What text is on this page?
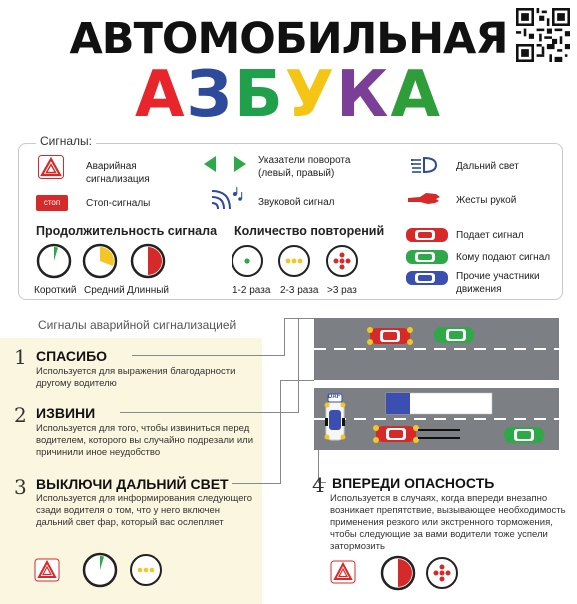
АВТОМОБИЛЬНАЯ
АЗБУКА
Сигналы:
Аварийная сигнализация
стоп	Стоп-сигналы
Указатели поворота (левый, правый)
Звуковой сигнал
Дальний свет
Жесты рукой
Продолжительность сигнала
Короткий Средний Длинный
Количество повторений
1-2 раза 2-3 раза >3 раз
Подает сигнал
Кому подают сигнал
Прочие участники движения
Сигналы аварийной сигнализацией
1 СПАСИБО
Используется для выражения благодарности другому водителю
2 ИЗВИНИ
Используется для того, чтобы извиниться перед водителем, которого вы случайно подрезали или причинили иное неудобство
3 ВЫКЛЮЧИ ДАЛЬНИЙ СВЕТ
Используется для информирования следующего сзади водителя о том, что у него включен дальний свет фар, который вас ослепляет
4 ВПЕРЕДИ ОПАСНОСТЬ
Используется в случаях, когда впереди внезапно возникает препятствие, вызывающее необходимость применения резкого или экстренного торможения, чтобы следующие за вами водители тоже успели затормозить
DAF
